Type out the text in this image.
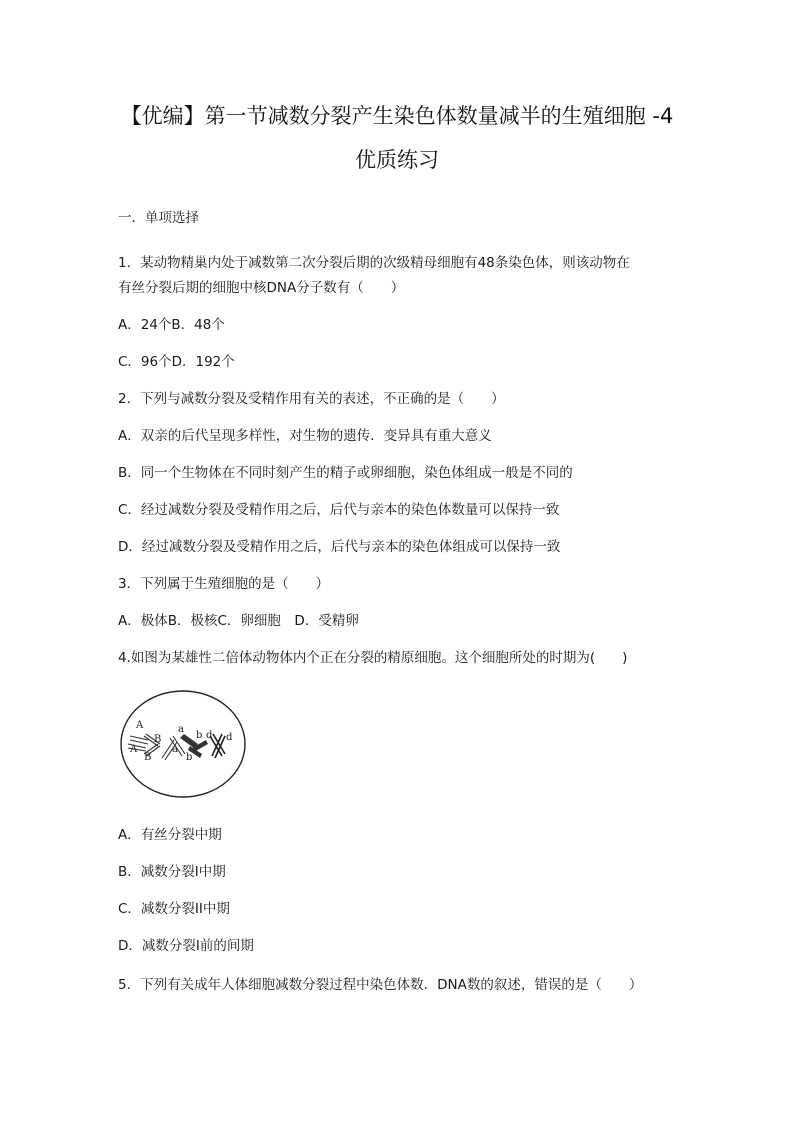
【优编】第一节减数分裂产生染色体数量减半的生殖细胞 -4
优质练习
一．单项选择
1．某动物精巢内处于减数第二次分裂后期的次级精母细胞有48条染色体，则该动物在
有丝分裂后期的细胞中核DNA分子数有（　　）
A．24个B．48个
C．96个D．192个
2．下列与减数分裂及受精作用有关的表述，不正确的是（　　）
A．双亲的后代呈现多样性，对生物的遗传．变异具有重大意义
B．同一个生物体在不同时刻产生的精子或卵细胞，染色体组成一般是不同的
C．经过减数分裂及受精作用之后，后代与亲本的染色体数量可以保持一致
D．经过减数分裂及受精作用之后，后代与亲本的染色体组成可以保持一致
3．下列属于生殖细胞的是（　　）
A．极体B．极核C．卵细胞　D．受精卵
4.如图为某雄性二倍体动物体内个正在分裂的精原细胞。这个细胞所处的时期为(　　)
A
B
A
B
a
a
b
b
d d
A．有丝分裂中期
B．减数分裂I中期
C．减数分裂II中期
D．减数分裂I前的间期
5．下列有关成年人体细胞减数分裂过程中染色体数．DNA数的叙述，错误的是（　　）
